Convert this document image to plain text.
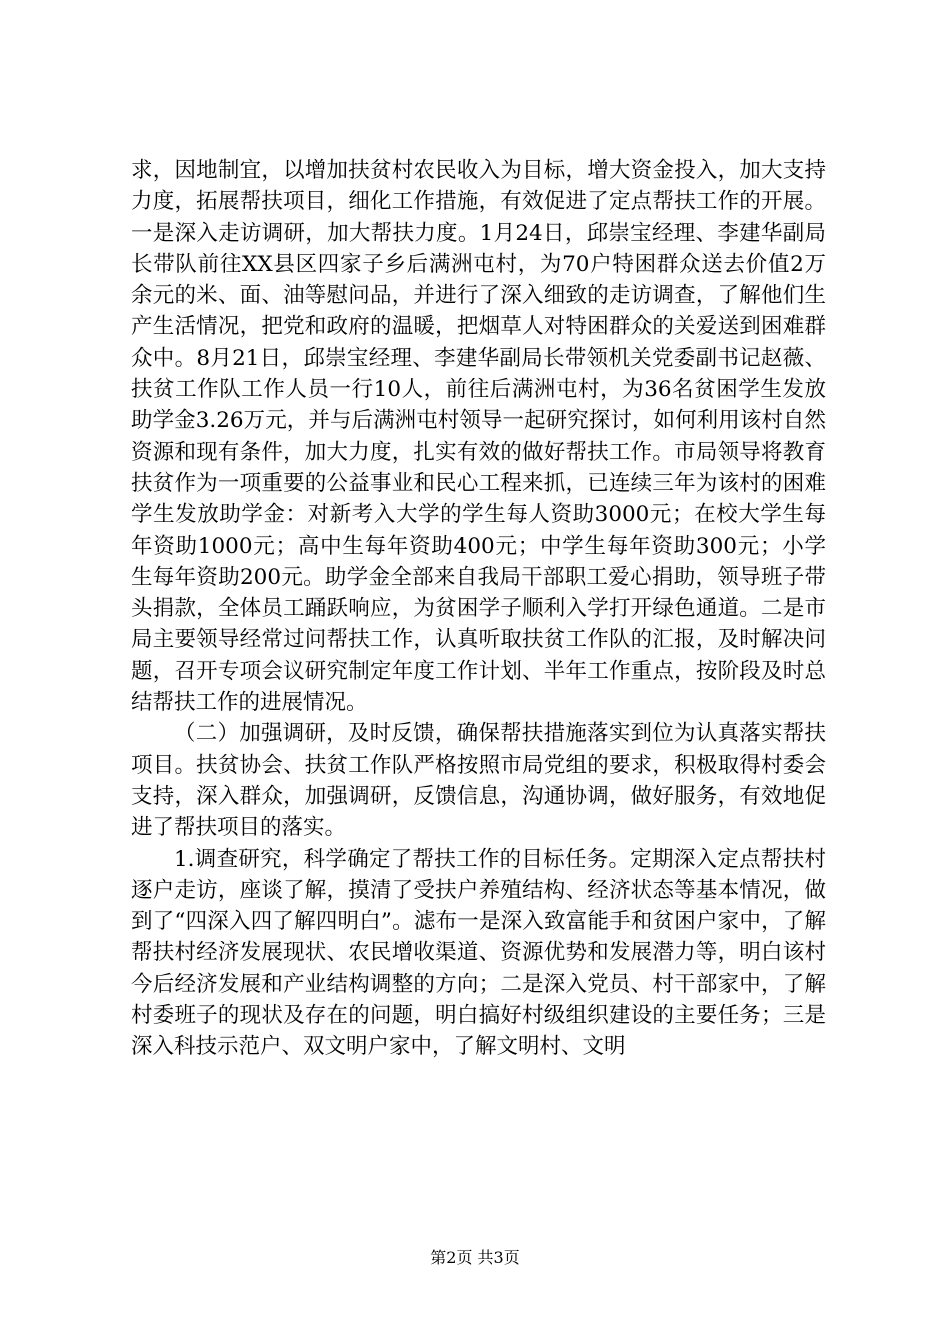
求，因地制宜，以增加扶贫村农民收入为目标，增大资金投入，加大支持力度，拓展帮扶项目，细化工作措施，有效促进了定点帮扶工作的开展。一是深入走访调研，加大帮扶力度。1月24日，邱崇宝经理、李建华副局长带队前往XX县区四家子乡后满洲屯村，为70户特困群众送去价值2万余元的米、面、油等慰问品，并进行了深入细致的走访调查，了解他们生产生活情况，把党和政府的温暖，把烟草人对特困群众的关爱送到困难群众中。8月21日，邱崇宝经理、李建华副局长带领机关党委副书记赵薇、扶贫工作队工作人员一行10人，前往后满洲屯村，为36名贫困学生发放助学金3.26万元，并与后满洲屯村领导一起研究探讨，如何利用该村自然资源和现有条件，加大力度，扎实有效的做好帮扶工作。市局领导将教育扶贫作为一项重要的公益事业和民心工程来抓，已连续三年为该村的困难学生发放助学金：对新考入大学的学生每人资助3000元；在校大学生每年资助1000元；高中生每年资助400元；中学生每年资助300元；小学生每年资助200元。助学金全部来自我局干部职工爱心捐助，领导班子带头捐款，全体员工踊跃响应，为贫困学子顺利入学打开绿色通道。二是市局主要领导经常过问帮扶工作，认真听取扶贫工作队的汇报，及时解决问题，召开专项会议研究制定年度工作计划、半年工作重点，按阶段及时总结帮扶工作的进展情况。

（二）加强调研，及时反馈，确保帮扶措施落实到位为认真落实帮扶项目。扶贫协会、扶贫工作队严格按照市局党组的要求，积极取得村委会支持，深入群众，加强调研，反馈信息，沟通协调，做好服务，有效地促进了帮扶项目的落实。

1.调查研究，科学确定了帮扶工作的目标任务。定期深入定点帮扶村逐户走访，座谈了解，摸清了受扶户养殖结构、经济状态等基本情况，做到了“四深入四了解四明白”。滤布一是深入致富能手和贫困户家中，了解帮扶村经济发展现状、农民增收渠道、资源优势和发展潜力等，明白该村今后经济发展和产业结构调整的方向；二是深入党员、村干部家中，了解村委班子的现状及存在的问题，明白搞好村级组织建设的主要任务；三是深入科技示范户、双文明户家中，了解文明村、文明

第2页 共3页
